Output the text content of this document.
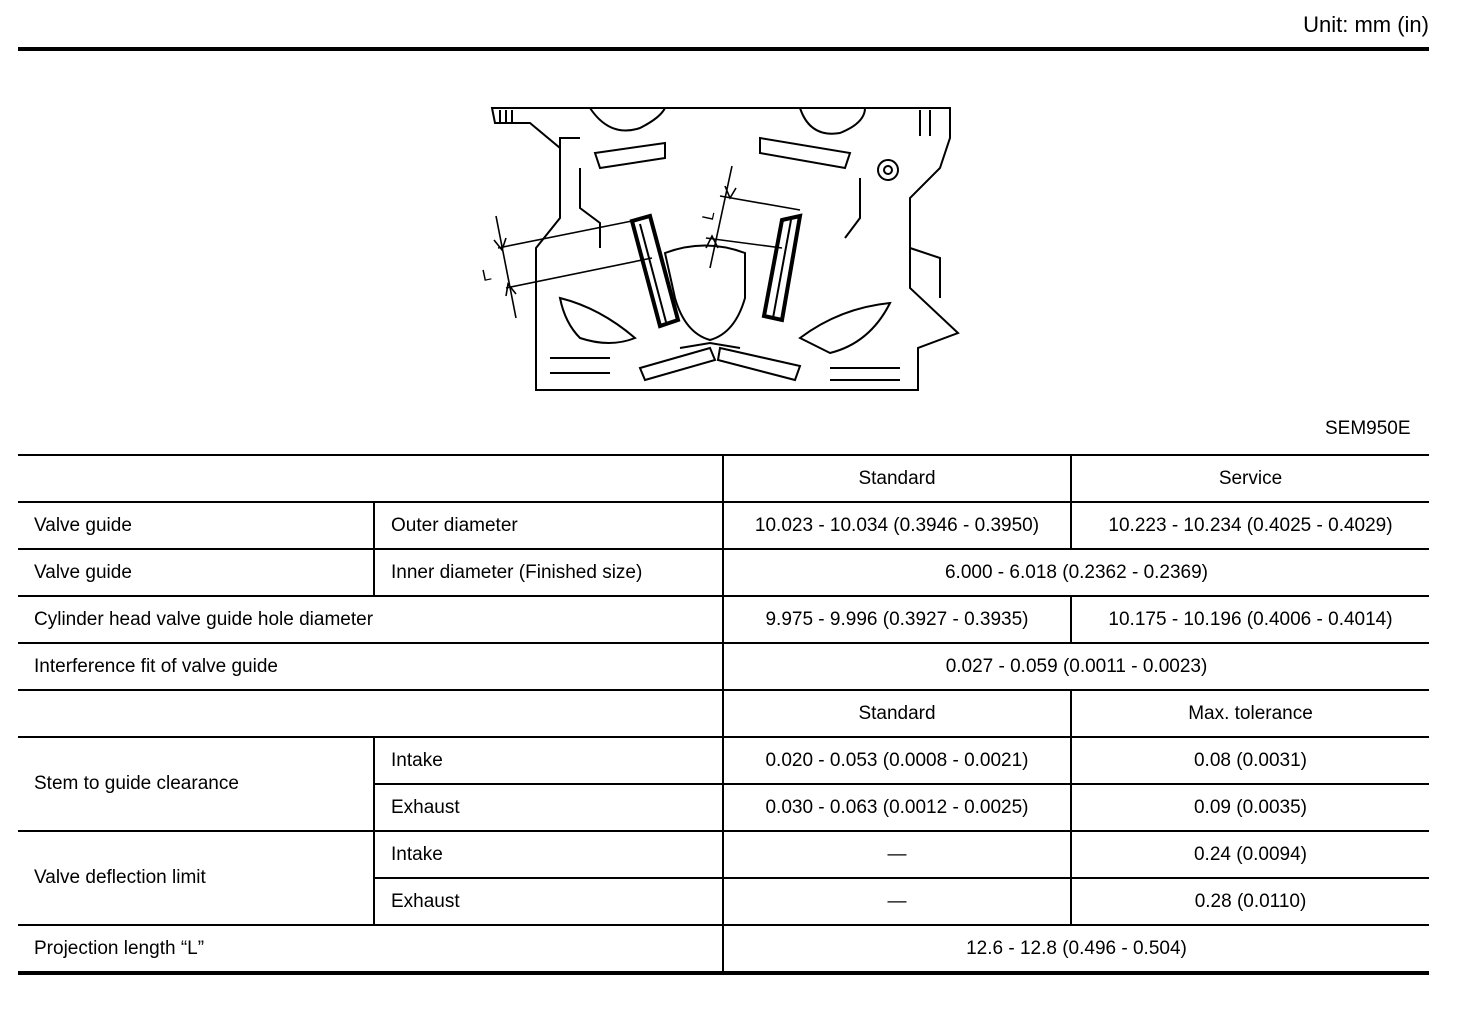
Unit: mm (in)
L
L
SEM950E
		Standard	Service
Valve guide	Outer diameter	10.023 - 10.034 (0.3946 - 0.3950)	10.223 - 10.234 (0.4025 - 0.4029)
Valve guide	Inner diameter (Finished size)	6.000 - 6.018 (0.2362 - 0.2369)	
Cylinder head valve guide hole diameter		9.975 - 9.996 (0.3927 - 0.3935)	10.175 - 10.196 (0.4006 - 0.4014)
Interference fit of valve guide		0.027 - 0.059 (0.0011 - 0.0023)	
		Standard	Max. tolerance
Stem to guide clearance	Intake	0.020 - 0.053 (0.0008 - 0.0021)	0.08 (0.0031)
	Exhaust	0.030 - 0.063 (0.0012 - 0.0025)	0.09 (0.0035)
Valve deflection limit	Intake	—	0.24 (0.0094)
	Exhaust	—	0.28 (0.0110)
Projection length “L”		12.6 - 12.8 (0.496 - 0.504)	
